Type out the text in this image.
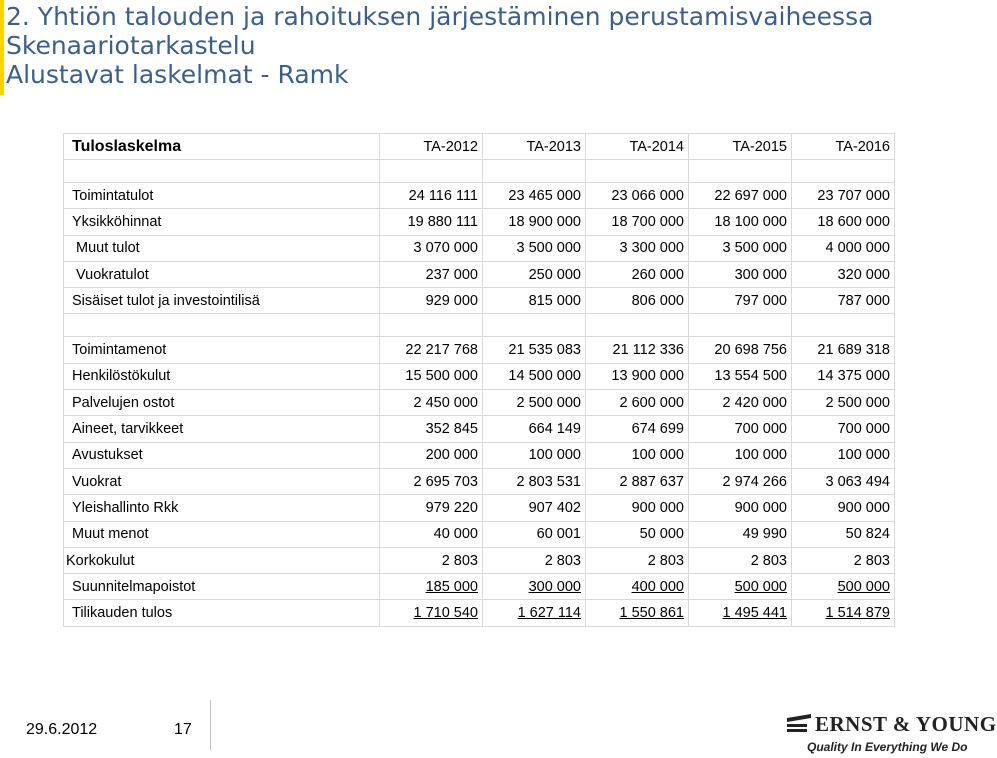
2. Yhtiön talouden ja rahoituksen järjestäminen perustamisvaiheessa
Skenaariotarkastelu
Alustavat laskelmat - Ramk
Tuloslaskelma	TA-2012	TA-2013	TA-2014	TA-2015	TA-2016

Toimintatulot	24 116 111	23 465 000	23 066 000	22 697 000	23 707 000
Yksikköhinnat	19 880 111	18 900 000	18 700 000	18 100 000	18 600 000
Muut tulot	3 070 000	3 500 000	3 300 000	3 500 000	4 000 000
Vuokratulot	237 000	250 000	260 000	300 000	320 000
Sisäiset tulot ja investointilisä	929 000	815 000	806 000	797 000	787 000

Toimintamenot	22 217 768	21 535 083	21 112 336	20 698 756	21 689 318
Henkilöstökulut	15 500 000	14 500 000	13 900 000	13 554 500	14 375 000
Palvelujen ostot	2 450 000	2 500 000	2 600 000	2 420 000	2 500 000
Aineet, tarvikkeet	352 845	664 149	674 699	700 000	700 000
Avustukset	200 000	100 000	100 000	100 000	100 000
Vuokrat	2 695 703	2 803 531	2 887 637	2 974 266	3 063 494
Yleishallinto Rkk	979 220	907 402	900 000	900 000	900 000
Muut menot	40 000	60 001	50 000	49 990	50 824
Korkokulut	2 803	2 803	2 803	2 803	2 803
Suunnitelmapoistot	185 000	300 000	400 000	500 000	500 000
Tilikauden tulos	1 710 540	1 627 114	1 550 861	1 495 441	1 514 879
29.6.2012	17	ERNST & YOUNG
Quality In Everything We Do
